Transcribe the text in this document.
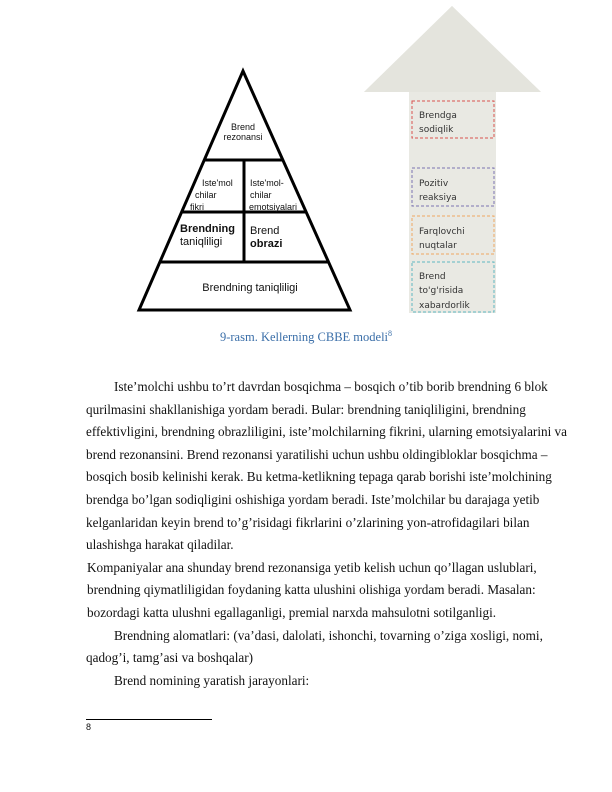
Brendga
sodiqlik
Pozitiv
reaksiya
Farqlovchi
nuqtalar
Brend
to'g'risida
xabardorlik
Brend
rezonansi
Iste'mol
chilar
fikri
Iste'mol-
chilar
emotsiyalari
Brendning
taniqliligi
Brend
obrazi
Brendning taniqliligi
9-rasm. Kellerning CBBE modeli$^8$

Iste’molchi ushbu to’rt davrdan bosqichma – bosqich o’tib borib brendning 6 blok qurilmasini shakllanishiga yordam beradi. Bular: brendning taniqliligini, brendning effektivligini, brendning obrazliligini, iste’molchilarning fikrini, ularning emotsiyalarini va brend rezonansini. Brend rezonansi yaratilishi uchun ushbu oldingibloklar bosqichma – bosqich bosib kelinishi kerak. Bu ketma-ketlikning tepaga qarab borishi iste’molchining brendga bo’lgan sodiqligini oshishiga yordam beradi. Iste’molchilar bu darajaga yetib kelganlaridan keyin brend to’g’risidagi fikrlarini o’zlarining yon-atrofidagilari bilan ulashishga harakat qiladilar.

Kompaniyalar ana shunday brend rezonansiga yetib kelish uchun qo’llagan uslublari, brendning qiymatliligidan foydaning katta ulushini olishiga yordam beradi. Masalan: bozordagi katta ulushni egallaganligi, premial narxda mahsulotni sotilganligi.

Brendning alomatlari: (va’dasi, dalolati, ishonchi, tovarning o’ziga xosligi, nomi, qadog’i, tamg’asi va boshqalar)

Brend nomining yaratish jarayonlari:

8
